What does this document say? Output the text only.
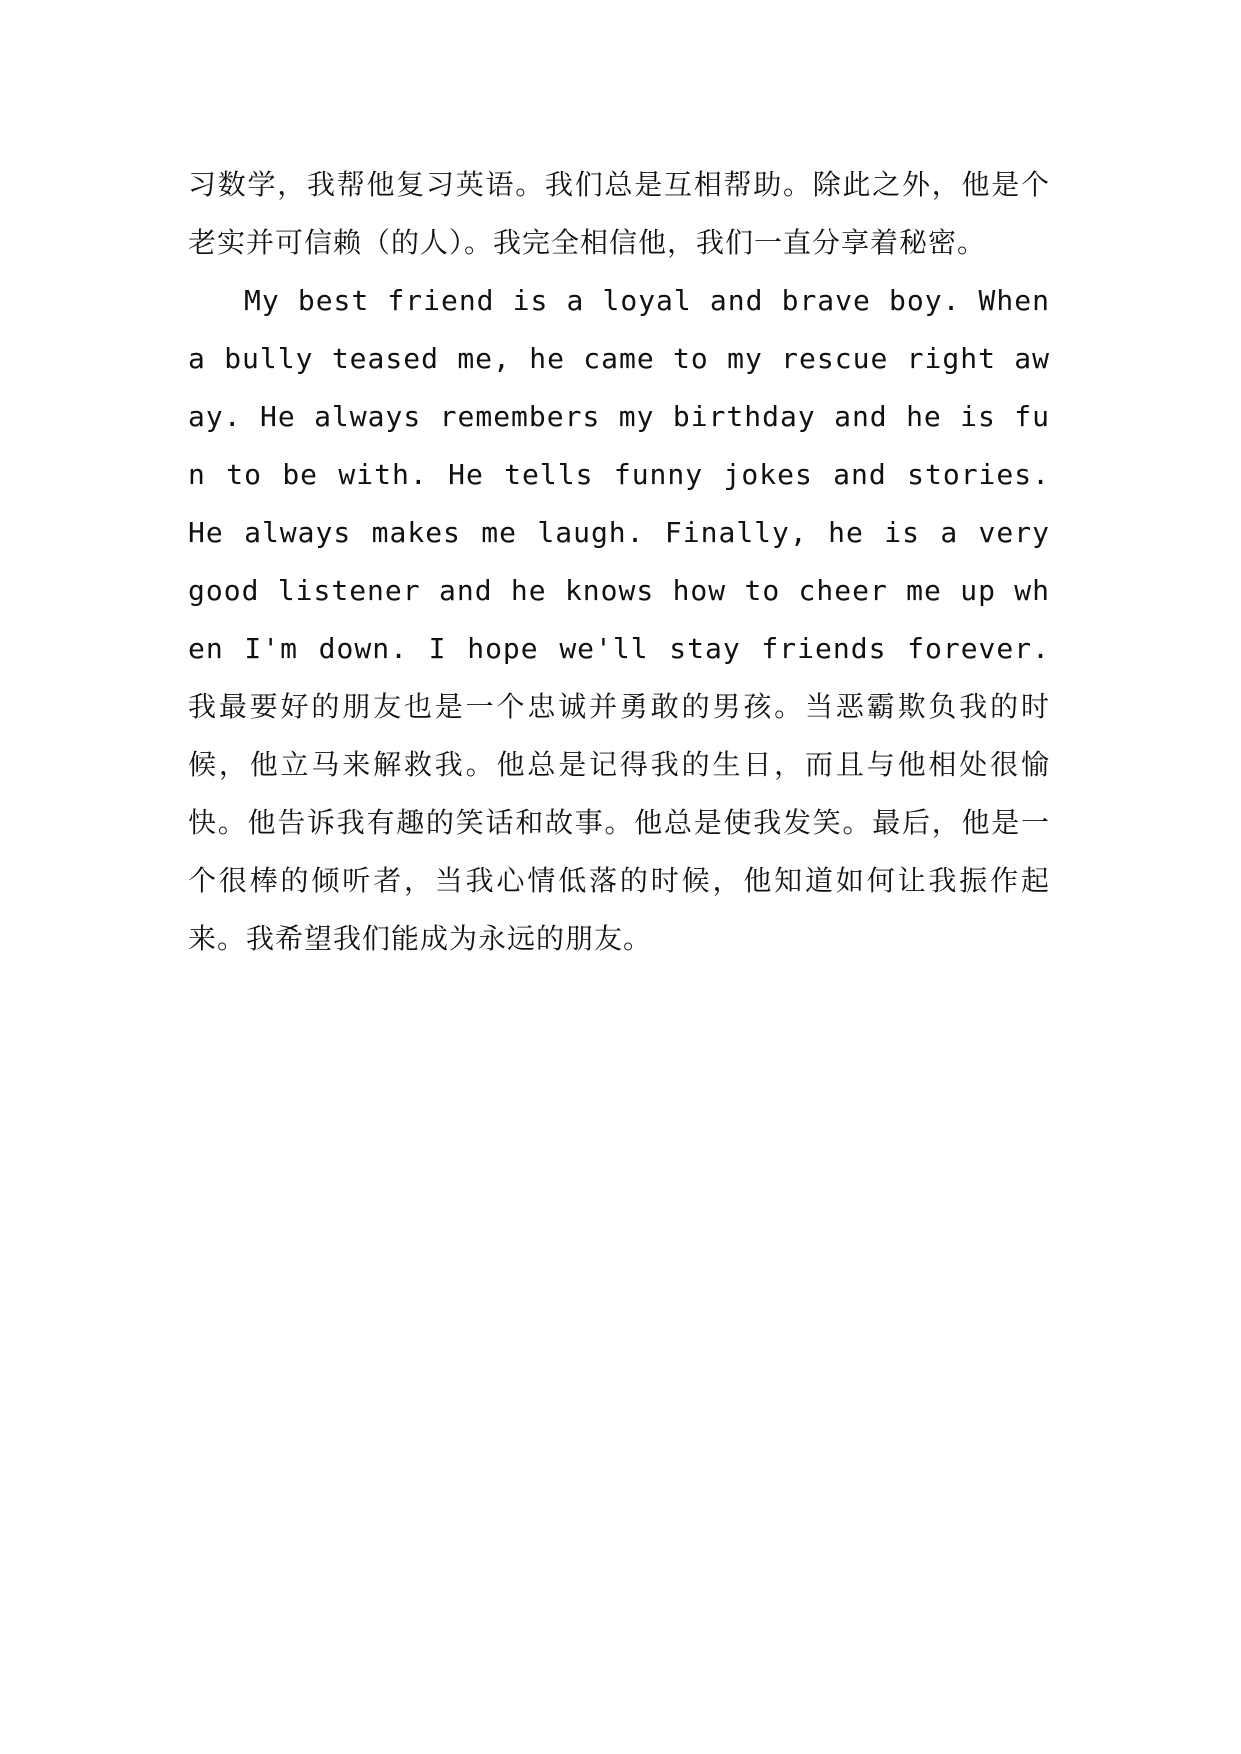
习数学，我帮他复习英语。我们总是互相帮助。除此之外，他是个老实并可信赖（的人）。我完全相信他，我们一直分享着秘密。

My best friend is a loyal and brave boy. When a bully teased me, he came to my rescue right away. He always remembers my birthday and he is fun to be with. He tells funny jokes and stories. He always makes me laugh. Finally, he is a very good listener and he knows how to cheer me up when I'm down. I hope we'll stay friends forever.我最要好的朋友也是一个忠诚并勇敢的男孩。当恶霸欺负我的时候，他立马来解救我。他总是记得我的生日，而且与他相处很愉快。他告诉我有趣的笑话和故事。他总是使我发笑。最后，他是一个很棒的倾听者，当我心情低落的时候，他知道如何让我振作起来。我希望我们能成为永远的朋友。
